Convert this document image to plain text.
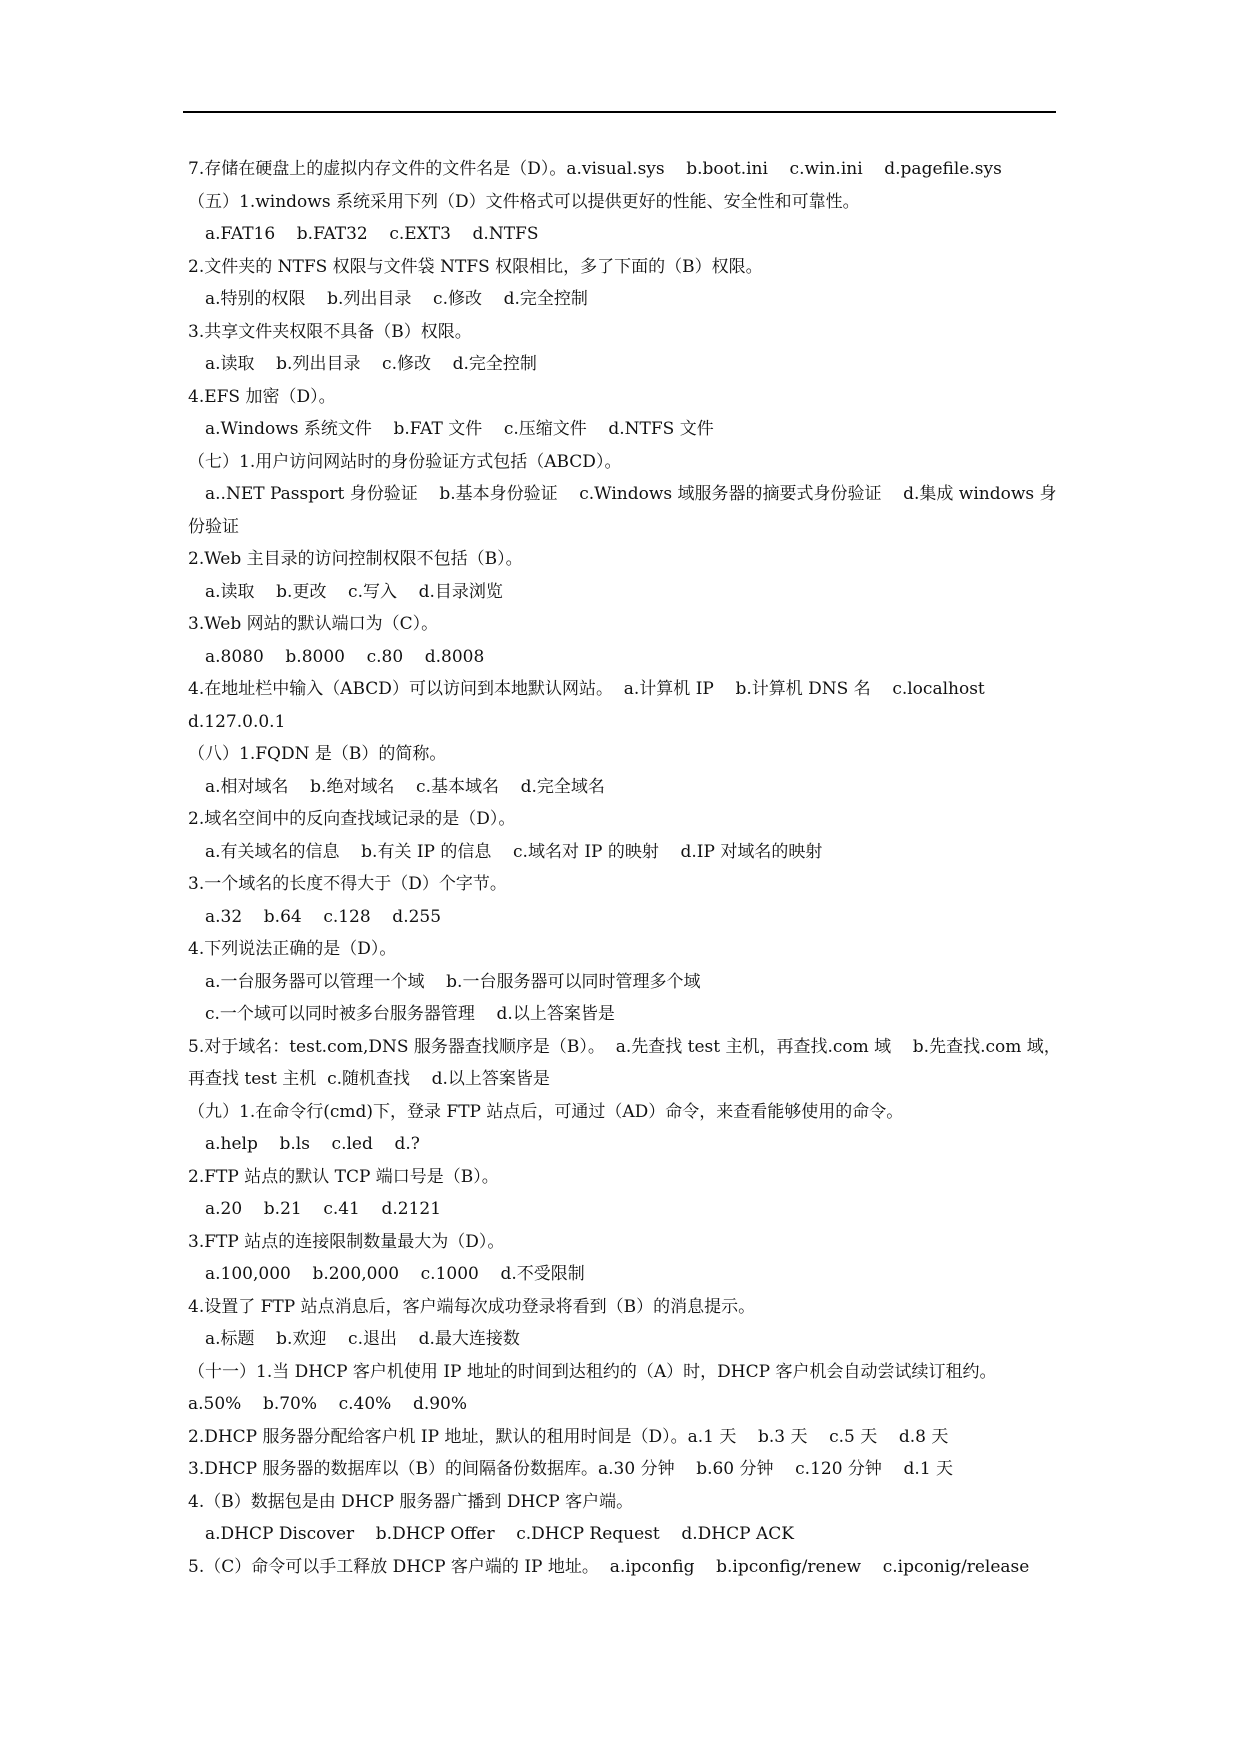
7.存储在硬盘上的虚拟内存文件的文件名是（D）。a.visual.sys    b.boot.ini    c.win.ini    d.pagefile.sys
（五）1.windows 系统采用下列（D）文件格式可以提供更好的性能、安全性和可靠性。
a.FAT16    b.FAT32    c.EXT3    d.NTFS
2.文件夹的 NTFS 权限与文件袋 NTFS 权限相比，多了下面的（B）权限。
a.特别的权限    b.列出目录    c.修改    d.完全控制
3.共享文件夹权限不具备（B）权限。
a.读取    b.列出目录    c.修改    d.完全控制
4.EFS 加密（D）。
a.Windows 系统文件    b.FAT 文件    c.压缩文件    d.NTFS 文件
（七）1.用户访问网站时的身份验证方式包括（ABCD）。
a..NET Passport 身份验证    b.基本身份验证    c.Windows 域服务器的摘要式身份验证    d.集成 windows 身
份验证
2.Web 主目录的访问控制权限不包括（B）。
a.读取    b.更改    c.写入    d.目录浏览
3.Web 网站的默认端口为（C）。
a.8080    b.8000    c.80    d.8008
4.在地址栏中输入（ABCD）可以访问到本地默认网站。  a.计算机 IP    b.计算机 DNS 名    c.localhost
d.127.0.0.1
（八）1.FQDN 是（B）的简称。
a.相对域名    b.绝对域名    c.基本域名    d.完全域名
2.域名空间中的反向查找域记录的是（D）。
a.有关域名的信息    b.有关 IP 的信息    c.域名对 IP 的映射    d.IP 对域名的映射
3.一个域名的长度不得大于（D）个字节。
a.32    b.64    c.128    d.255
4.下列说法正确的是（D）。
a.一台服务器可以管理一个域    b.一台服务器可以同时管理多个域
c.一个域可以同时被多台服务器管理    d.以上答案皆是
5.对于域名：test.com,DNS 服务器查找顺序是（B）。  a.先查找 test 主机，再查找.com 域    b.先查找.com 域，
再查找 test 主机  c.随机查找    d.以上答案皆是
（九）1.在命令行(cmd)下，登录 FTP 站点后，可通过（AD）命令，来查看能够使用的命令。
a.help    b.ls    c.led    d.?
2.FTP 站点的默认 TCP 端口号是（B）。
a.20    b.21    c.41    d.2121
3.FTP 站点的连接限制数量最大为（D）。
a.100,000    b.200,000    c.1000    d.不受限制
4.设置了 FTP 站点消息后，客户端每次成功登录将看到（B）的消息提示。
a.标题    b.欢迎    c.退出    d.最大连接数
（十一）1.当 DHCP 客户机使用 IP 地址的时间到达租约的（A）时，DHCP 客户机会自动尝试续订租约。
a.50%    b.70%    c.40%    d.90%
2.DHCP 服务器分配给客户机 IP 地址，默认的租用时间是（D）。a.1 天    b.3 天    c.5 天    d.8 天
3.DHCP 服务器的数据库以（B）的间隔备份数据库。a.30 分钟    b.60 分钟    c.120 分钟    d.1 天
4.（B）数据包是由 DHCP 服务器广播到 DHCP 客户端。
a.DHCP Discover    b.DHCP Offer    c.DHCP Request    d.DHCP ACK
5.（C）命令可以手工释放 DHCP 客户端的 IP 地址。  a.ipconfig    b.ipconfig/renew    c.ipconig/release
